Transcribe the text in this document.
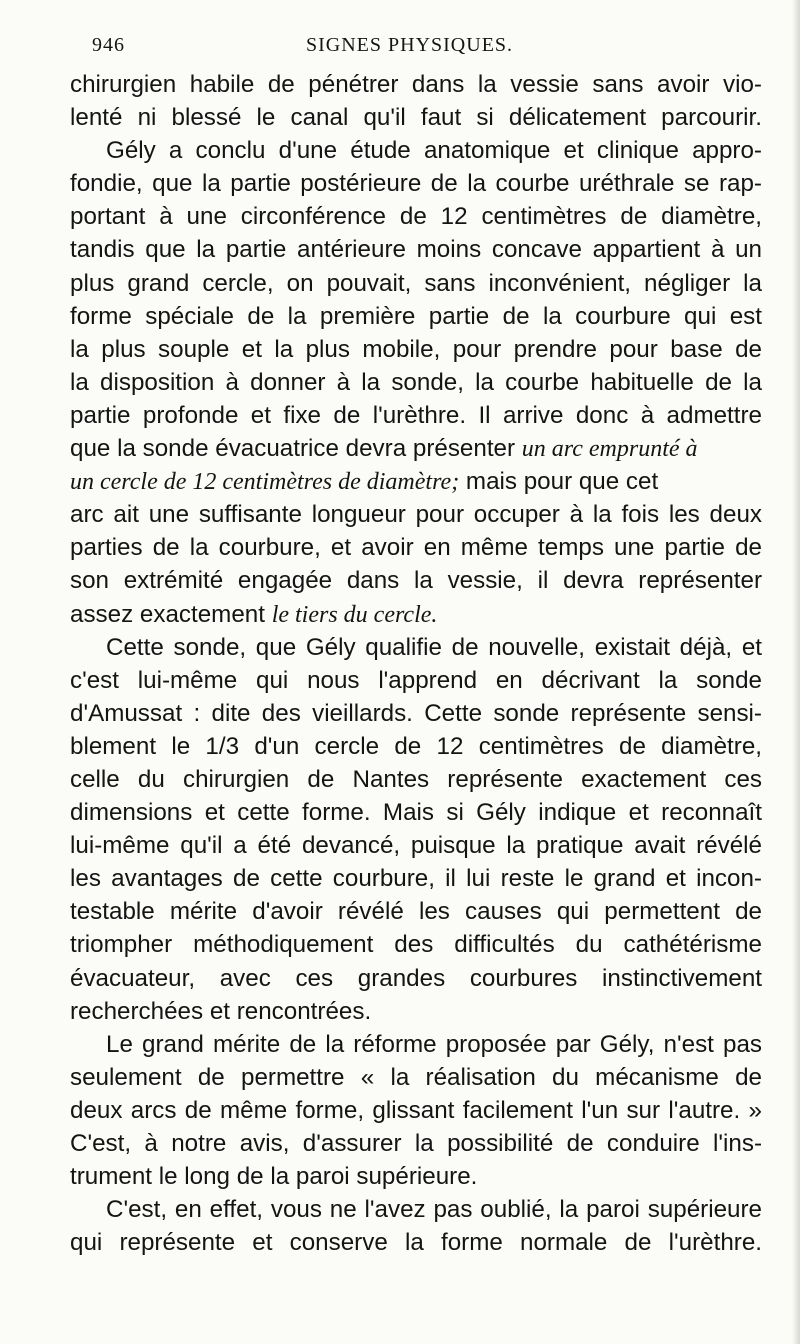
946	SIGNES PHYSIQUES.
chirurgien habile de pénétrer dans la vessie sans avoir vio-
lenté ni blessé le canal qu'il faut si délicatement parcourir.
Gély a conclu d'une étude anatomique et clinique appro-
fondie, que la partie postérieure de la courbe uréthrale se rap-
portant à une circonférence de 12 centimètres de diamètre,
tandis que la partie antérieure moins concave appartient à un
plus grand cercle, on pouvait, sans inconvénient, négliger la
forme spéciale de la première partie de la courbure qui est
la plus souple et la plus mobile, pour prendre pour base de
la disposition à donner à la sonde, la courbe habituelle de la
partie profonde et fixe de l'urèthre. Il arrive donc à admettre
que la sonde évacuatrice devra présenter un arc emprunté à
un cercle de 12 centimètres de diamètre; mais pour que cet
arc ait une suffisante longueur pour occuper à la fois les deux
parties de la courbure, et avoir en même temps une partie de
son extrémité engagée dans la vessie, il devra représenter
assez exactement le tiers du cercle.
Cette sonde, que Gély qualifie de nouvelle, existait déjà, et
c'est lui-même qui nous l'apprend en décrivant la sonde
d'Amussat : dite des vieillards. Cette sonde représente sensi-
blement le 1/3 d'un cercle de 12 centimètres de diamètre,
celle du chirurgien de Nantes représente exactement ces
dimensions et cette forme. Mais si Gély indique et reconnaît
lui-même qu'il a été devancé, puisque la pratique avait révélé
les avantages de cette courbure, il lui reste le grand et incon-
testable mérite d'avoir révélé les causes qui permettent de
triompher méthodiquement des difficultés du cathétérisme
évacuateur, avec ces grandes courbures instinctivement
recherchées et rencontrées.
Le grand mérite de la réforme proposée par Gély, n'est pas
seulement de permettre « la réalisation du mécanisme de
deux arcs de même forme, glissant facilement l'un sur l'autre. »
C'est, à notre avis, d'assurer la possibilité de conduire l'ins-
trument le long de la paroi supérieure.
C'est, en effet, vous ne l'avez pas oublié, la paroi supérieure
qui représente et conserve la forme normale de l'urèthre.
